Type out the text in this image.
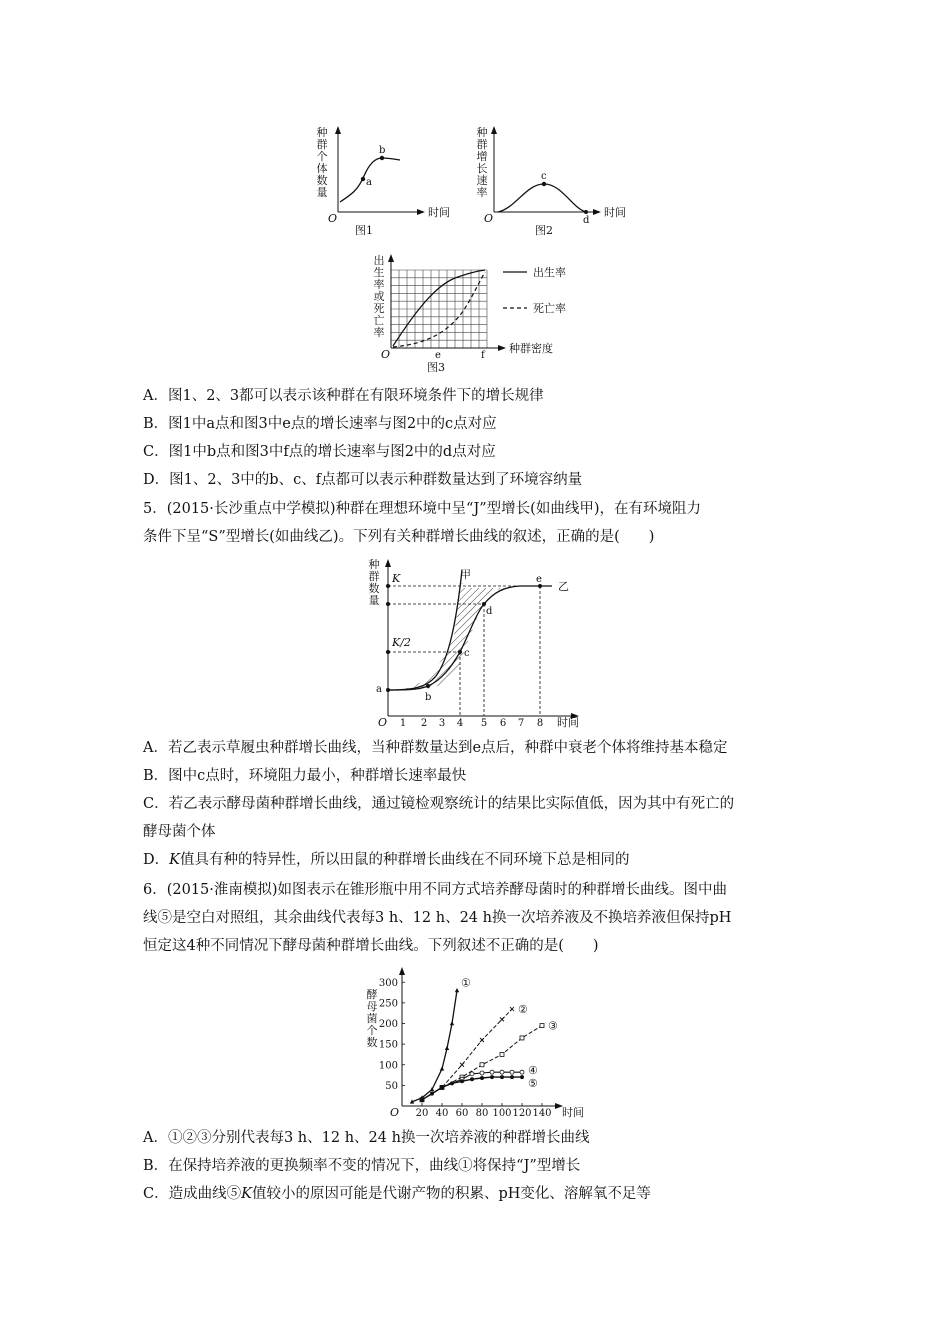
种
群
个
体
数
量
a
b
O	时间
图1
种
群
增
长
速
率
c
d
O	时间
图2
出
生
率
或
死
亡
率
出生率
死亡率
O	e	f
种群密度
图3
A．图1、2、3都可以表示该种群在有限环境条件下的增长规律
B．图1中a点和图3中e点的增长速率与图2中的c点对应
C．图1中b点和图3中f点的增长速率与图2中的d点对应
D．图1、2、3中的b、c、f点都可以表示种群数量达到了环境容纳量
5．(2015·长沙重点中学模拟)种群在理想环境中呈“J”型增长(如曲线甲)，在有环境阻力
条件下呈“S”型增长(如曲线乙)。下列有关种群增长曲线的叙述，正确的是(　　)
种
群
数
量
a
b
c
d
e
K
K/2
甲
乙
O 1 2 3 4 5 6 7 8 时间
A．若乙表示草履虫种群增长曲线，当种群数量达到e点后，种群中衰老个体将维持基本稳定
B．图中c点时，环境阻力最小，种群增长速率最快
C．若乙表示酵母菌种群增长曲线，通过镜检观察统计的结果比实际值低，因为其中有死亡的
酵母菌个体
D．K值具有种的特异性，所以田鼠的种群增长曲线在不同环境下总是相同的
6．(2015·淮南模拟)如图表示在锥形瓶中用不同方式培养酵母菌时的种群增长曲线。图中曲
线⑤是空白对照组，其余曲线代表每3 h、12 h、24 h换一次培养液及不换培养液但保持pH
恒定这4种不同情况下酵母菌种群增长曲线。下列叙述不正确的是(　　)
酵
母
菌
个
数
O	时间
20 40 60 80 100 120 140
50
100
150
200
250
300	①
②
③
④
⑤
A．①②③分别代表每3 h、12 h、24 h换一次培养液的种群增长曲线
B．在保持培养液的更换频率不变的情况下，曲线①将保持“J”型增长
C．造成曲线⑤K值较小的原因可能是代谢产物的积累、pH变化、溶解氧不足等
